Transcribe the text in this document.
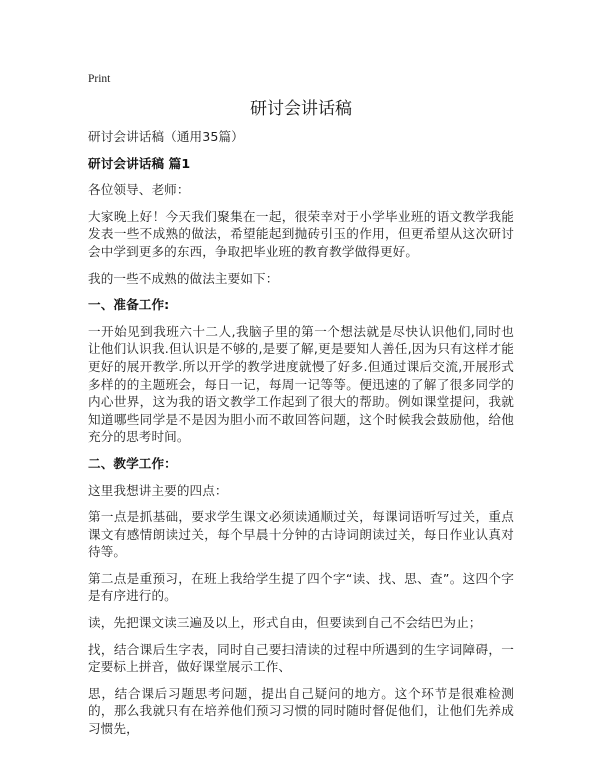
Print
研讨会讲话稿

研讨会讲话稿（通用35篇）

研讨会讲话稿 篇1

各位领导、老师：

大家晚上好！今天我们聚集在一起，很荣幸对于小学毕业班的语文教学我能发表一些不成熟的做法，希望能起到抛砖引玉的作用，但更希望从这次研讨会中学到更多的东西，争取把毕业班的教育教学做得更好。

我的一些不成熟的做法主要如下：

一、准备工作:

一开始见到我班六十二人,我脑子里的第一个想法就是尽快认识他们,同时也让他们认识我.但认识是不够的,是要了解,更是要知人善任,因为只有这样才能更好的展开教学.所以开学的教学进度就慢了好多.但通过课后交流,开展形式多样的的主题班会，每日一记，每周一记等等。便迅速的了解了很多同学的内心世界，这为我的语文教学工作起到了很大的帮助。例如课堂提问，我就知道哪些同学是不是因为胆小而不敢回答问题，这个时候我会鼓励他，给他充分的思考时间。

二、教学工作：

这里我想讲主要的四点：

第一点是抓基础，要求学生课文必须读通顺过关，每课词语听写过关，重点课文有感情朗读过关，每个早晨十分钟的古诗词朗读过关，每日作业认真对待等。

第二点是重预习，在班上我给学生提了四个字“读、找、思、查”。这四个字是有序进行的。

读，先把课文读三遍及以上，形式自由，但要读到自己不会结巴为止；

找，结合课后生字表，同时自己要扫清读的过程中所遇到的生字词障碍，一定要标上拼音，做好课堂展示工作、

思，结合课后习题思考问题，提出自己疑问的地方。这个环节是很难检测的，那么我就只有在培养他们预习习惯的同时随时督促他们，让他们先养成习惯先，
